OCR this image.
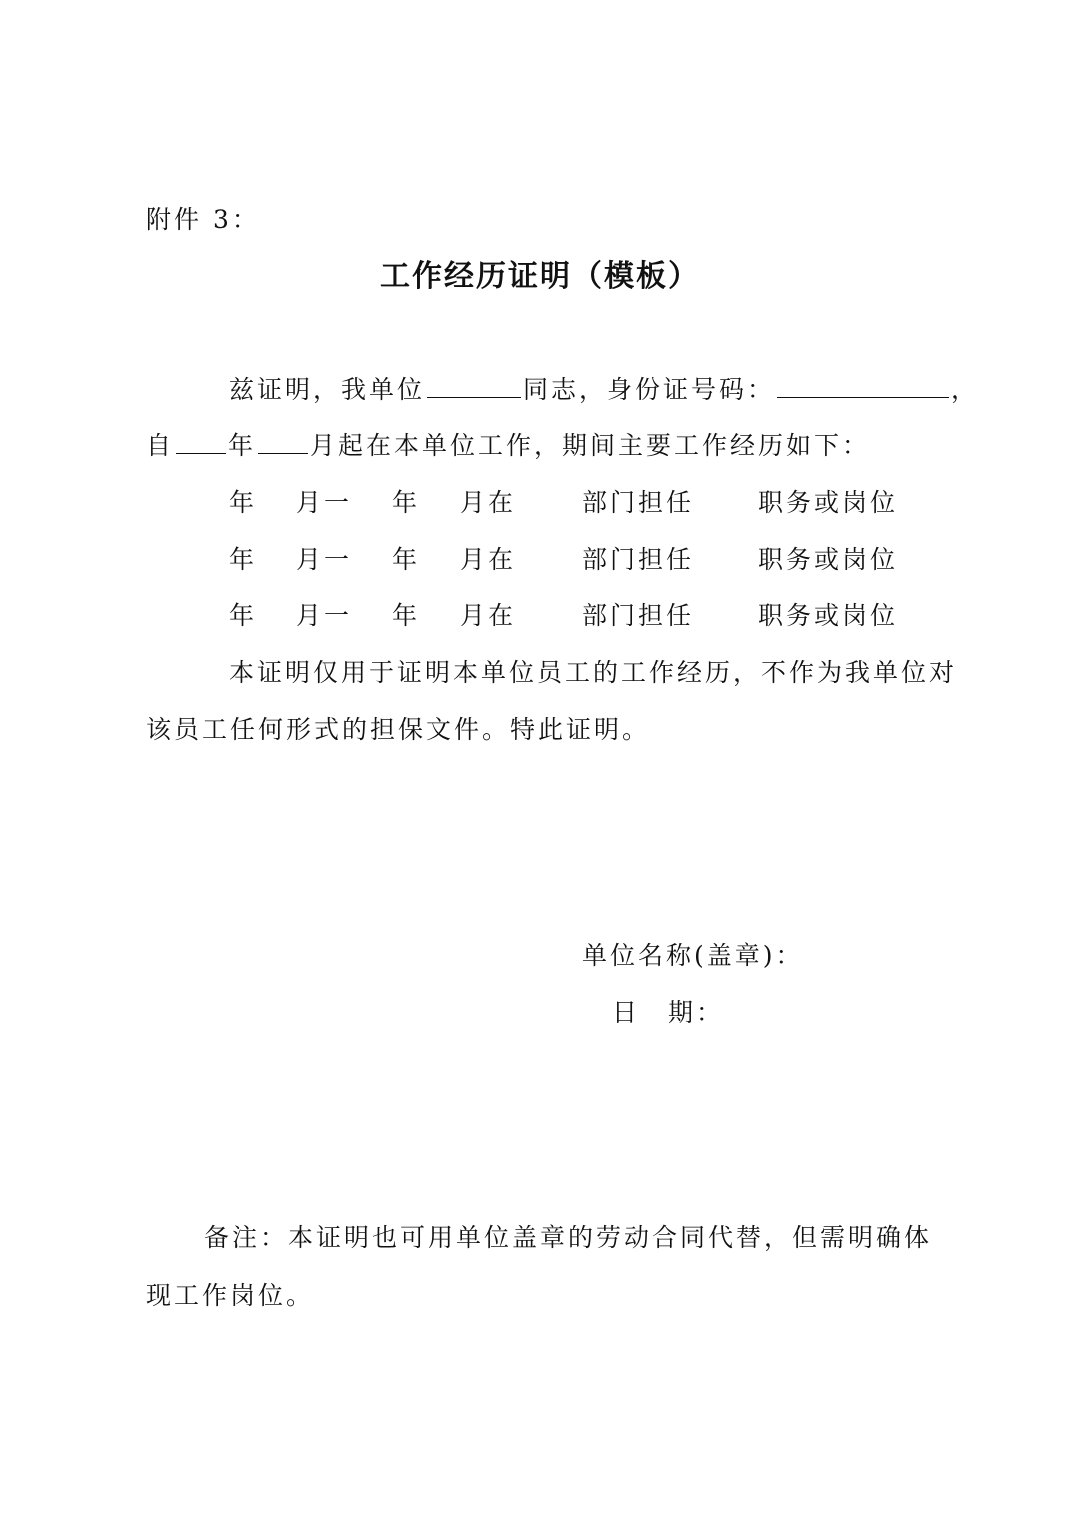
附件 3：
工作经历证明（模板）
兹证明，我单位	同志，身份证号码：	，
自 年 月起在本单位工作，期间主要工作经历如下：
年 月一 年 月在	部门担任	职务或岗位
年 月一 年 月在	部门担任	职务或岗位
年 月一 年 月在	部门担任	职务或岗位
本证明仅用于证明本单位员工的工作经历，不作为我单位对
该员工任何形式的担保文件。特此证明。
单位名称(盖章)：
日　期：
备注：本证明也可用单位盖章的劳动合同代替，但需明确体
现工作岗位。
